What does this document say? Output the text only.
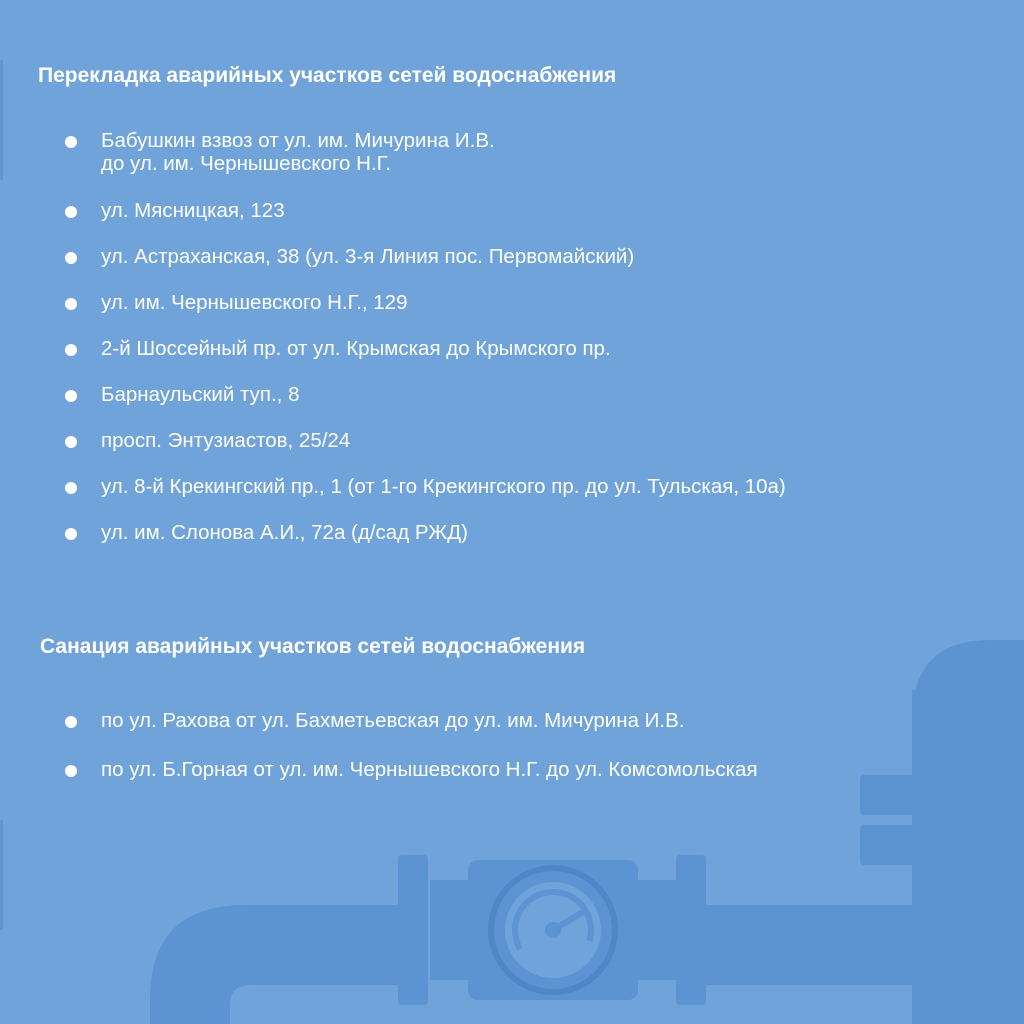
Перекладка аварийных участков сетей водоснабжения
Бабушкин взвоз от ул. им. Мичурина И.В.
до ул. им. Чернышевского Н.Г.
ул. Мясницкая, 123
ул. Астраханская, 38 (ул. 3-я Линия пос. Первомайский)
ул. им. Чернышевского Н.Г., 129
2-й Шоссейный пр. от ул. Крымская до Крымского пр.
Барнаульский туп., 8
просп. Энтузиастов, 25/24
ул. 8-й Крекингский пр., 1 (от 1-го Крекингского пр. до ул. Тульская, 10а)
ул. им. Слонова А.И., 72а (д/сад РЖД)
Санация аварийных участков сетей водоснабжения
по ул. Рахова от ул. Бахметьевская до ул. им. Мичурина И.В.
по ул. Б.Горная от ул. им. Чернышевского Н.Г. до ул. Комсомольская
